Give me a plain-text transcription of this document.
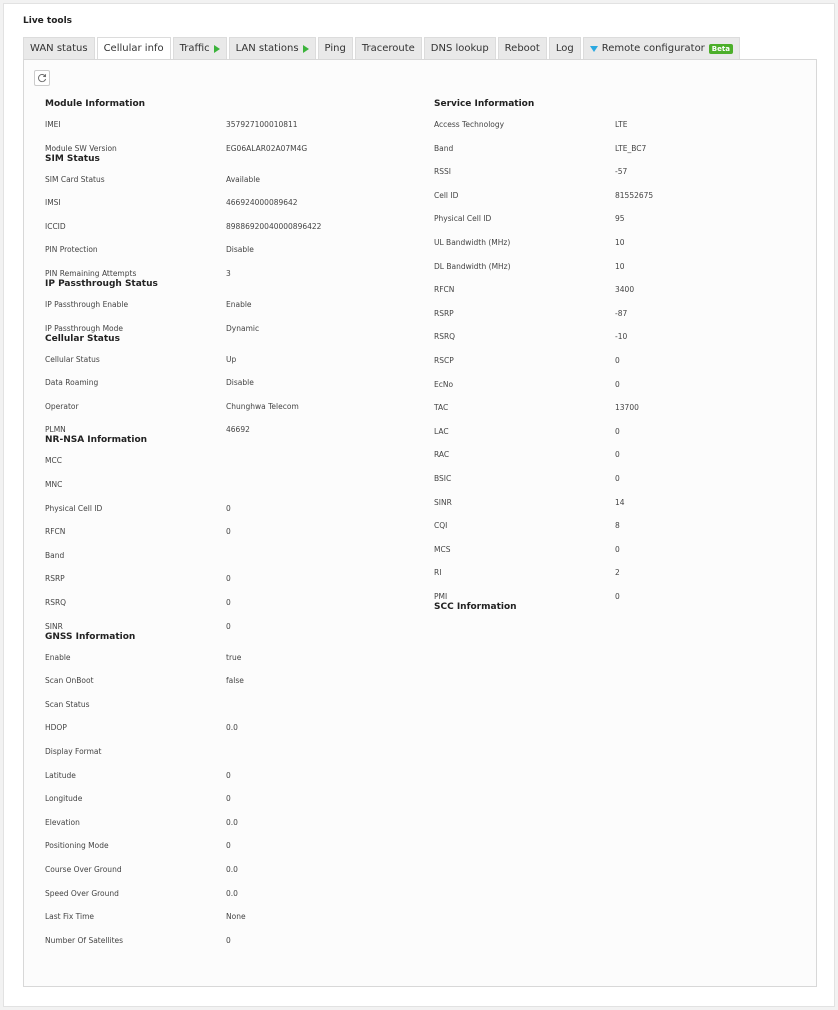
Live tools
WAN status Cellular info Traffic	LAN stations	Ping Traceroute DNS lookup Reboot Log	Remote configurator	Beta
Module Information
IMEI	357927100010811
Module SW Version	EG06ALAR02A07M4G
SIM Status
SIM Card Status	Available
IMSI	466924000089642
ICCID	89886920040000896422
PIN Protection	Disable
PIN Remaining Attempts	3
IP Passthrough Status
IP Passthrough Enable	Enable
IP Passthrough Mode	Dynamic
Cellular Status
Cellular Status	Up
Data Roaming	Disable
Operator	Chunghwa Telecom
PLMN	46692
NR-NSA Information
MCC
MNC
Physical Cell ID	0
RFCN	0
Band
RSRP	0
RSRQ	0
SINR	0
GNSS Information
Enable	true
Scan OnBoot	false
Scan Status
HDOP	0.0
Display Format
Latitude	0
Longitude	0
Elevation	0.0
Positioning Mode	0
Course Over Ground	0.0
Speed Over Ground	0.0
Last Fix Time	None
Number Of Satellites	0
Service Information
Access Technology	LTE
Band	LTE_BC7
RSSI	-57
Cell ID	81552675
Physical Cell ID	95
UL Bandwidth (MHz)	10
DL Bandwidth (MHz)	10
RFCN	3400
RSRP	-87
RSRQ	-10
RSCP	0
EcNo	0
TAC	13700
LAC	0
RAC	0
BSIC	0
SINR	14
CQI	8
MCS	0
RI	2
PMI	0
SCC Information
